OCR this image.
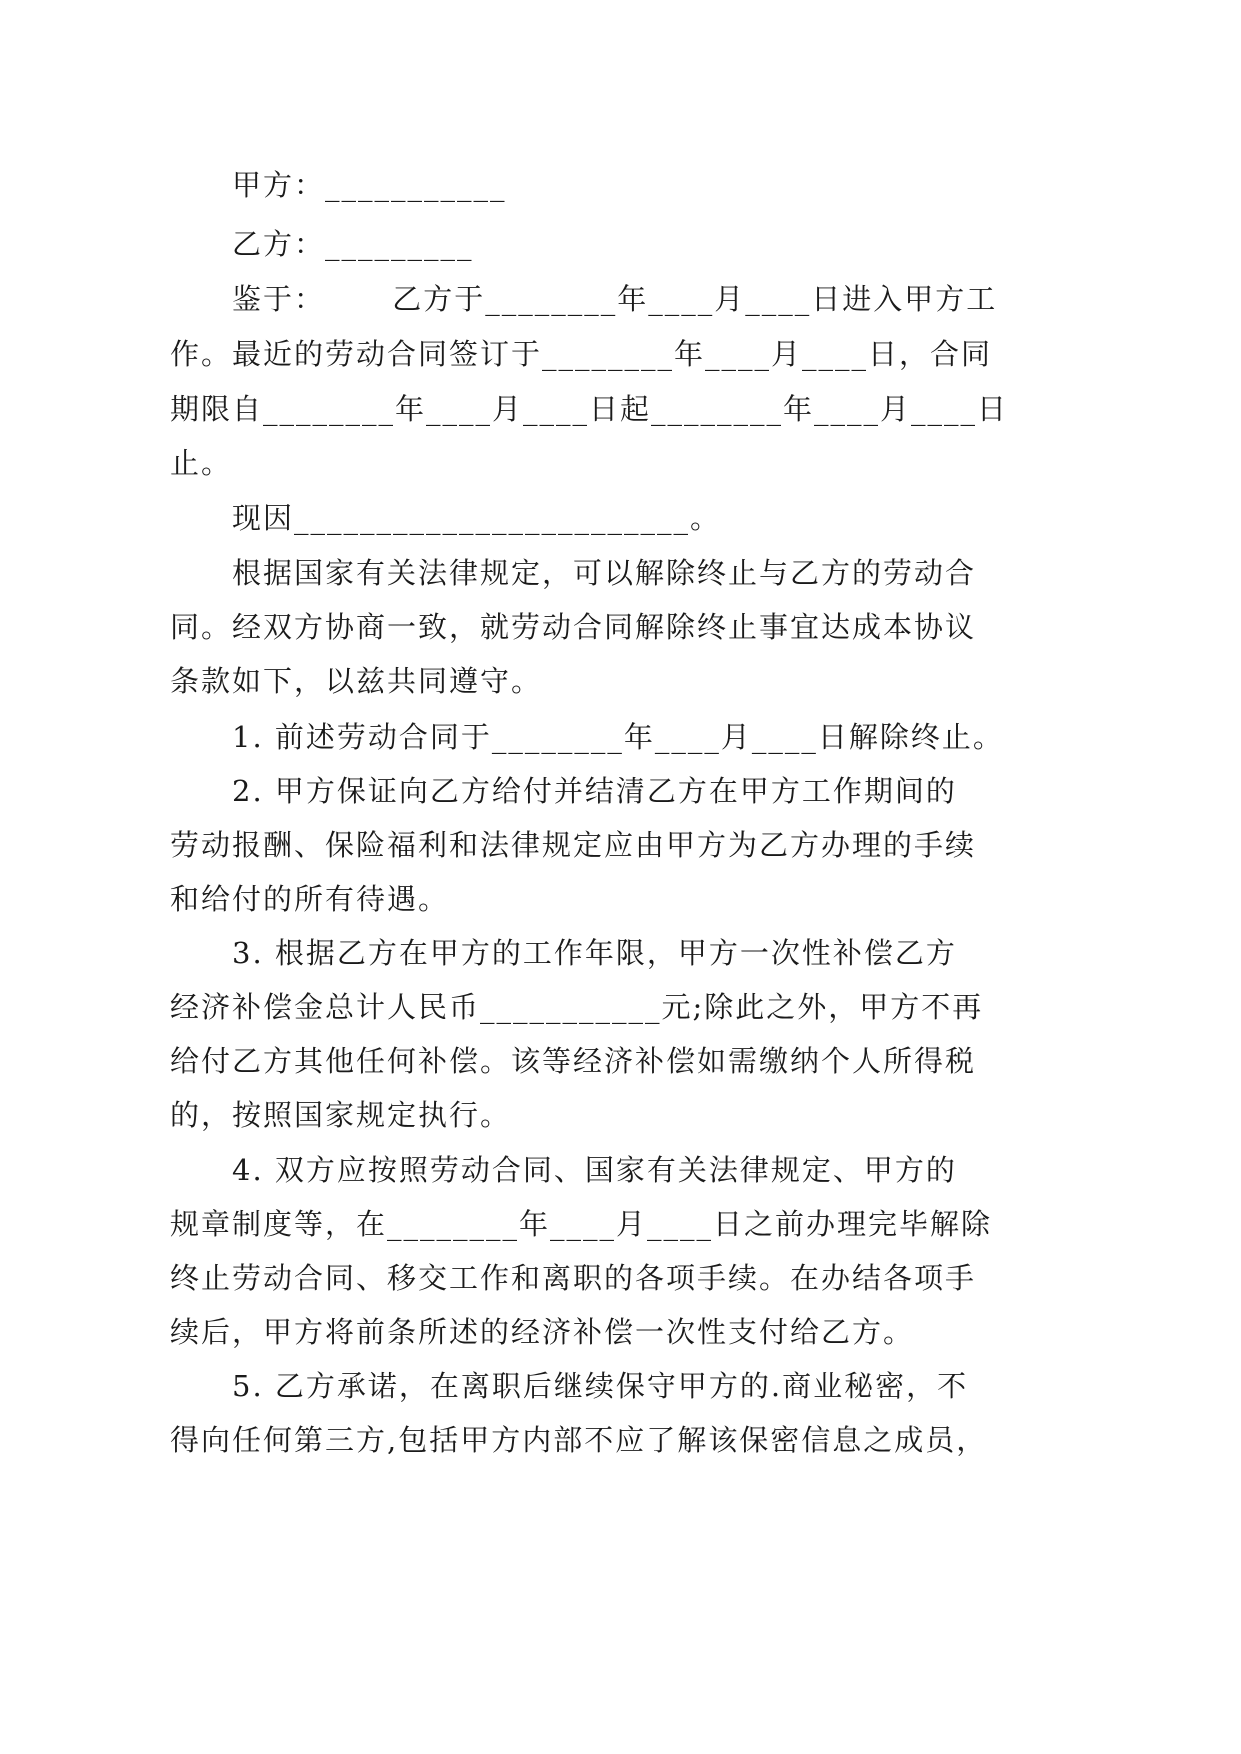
甲方：___________
乙方：_________
鉴于：      乙方于________年____月____日进入甲方工
作。最近的劳动合同签订于________年____月____日，合同
期限自________年____月____日起________年____月____日
止。
现因________________________。
根据国家有关法律规定，可以解除终止与乙方的劳动合
同。经双方协商一致，就劳动合同解除终止事宜达成本协议
条款如下，以兹共同遵守。
1. 前述劳动合同于________年____月____日解除终止。
2. 甲方保证向乙方给付并结清乙方在甲方工作期间的
劳动报酬、保险福利和法律规定应由甲方为乙方办理的手续
和给付的所有待遇。
3. 根据乙方在甲方的工作年限，甲方一次性补偿乙方
经济补偿金总计人民币___________元;除此之外，甲方不再
给付乙方其他任何补偿。该等经济补偿如需缴纳个人所得税
的，按照国家规定执行。
4. 双方应按照劳动合同、国家有关法律规定、甲方的
规章制度等，在________年____月____日之前办理完毕解除
终止劳动合同、移交工作和离职的各项手续。在办结各项手
续后，甲方将前条所述的经济补偿一次性支付给乙方。
5. 乙方承诺，在离职后继续保守甲方的.商业秘密，不
得向任何第三方,包括甲方内部不应了解该保密信息之成员，
